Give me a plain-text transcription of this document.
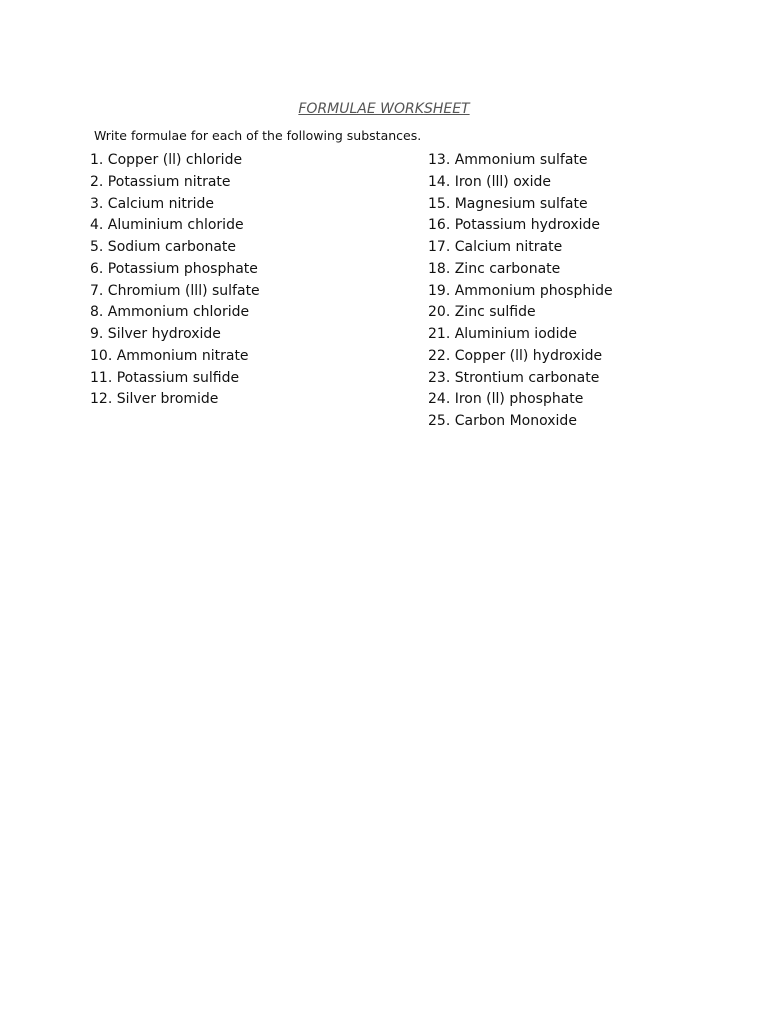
FORMULAE WORKSHEET
Write formulae for each of the following substances.
1. Copper (ll) chloride
2. Potassium nitrate
3. Calcium nitride
4. Aluminium chloride
5. Sodium carbonate
6. Potassium phosphate
7. Chromium (lll) sulfate
8. Ammonium chloride
9. Silver hydroxide
10. Ammonium nitrate
11. Potassium sulfide
12. Silver bromide
13. Ammonium sulfate
14. Iron (lll) oxide
15. Magnesium sulfate
16. Potassium hydroxide
17. Calcium nitrate
18. Zinc carbonate
19. Ammonium phosphide
20. Zinc sulfide
21. Aluminium iodide
22. Copper (ll) hydroxide
23. Strontium carbonate
24. Iron (ll) phosphate
25. Carbon Monoxide
